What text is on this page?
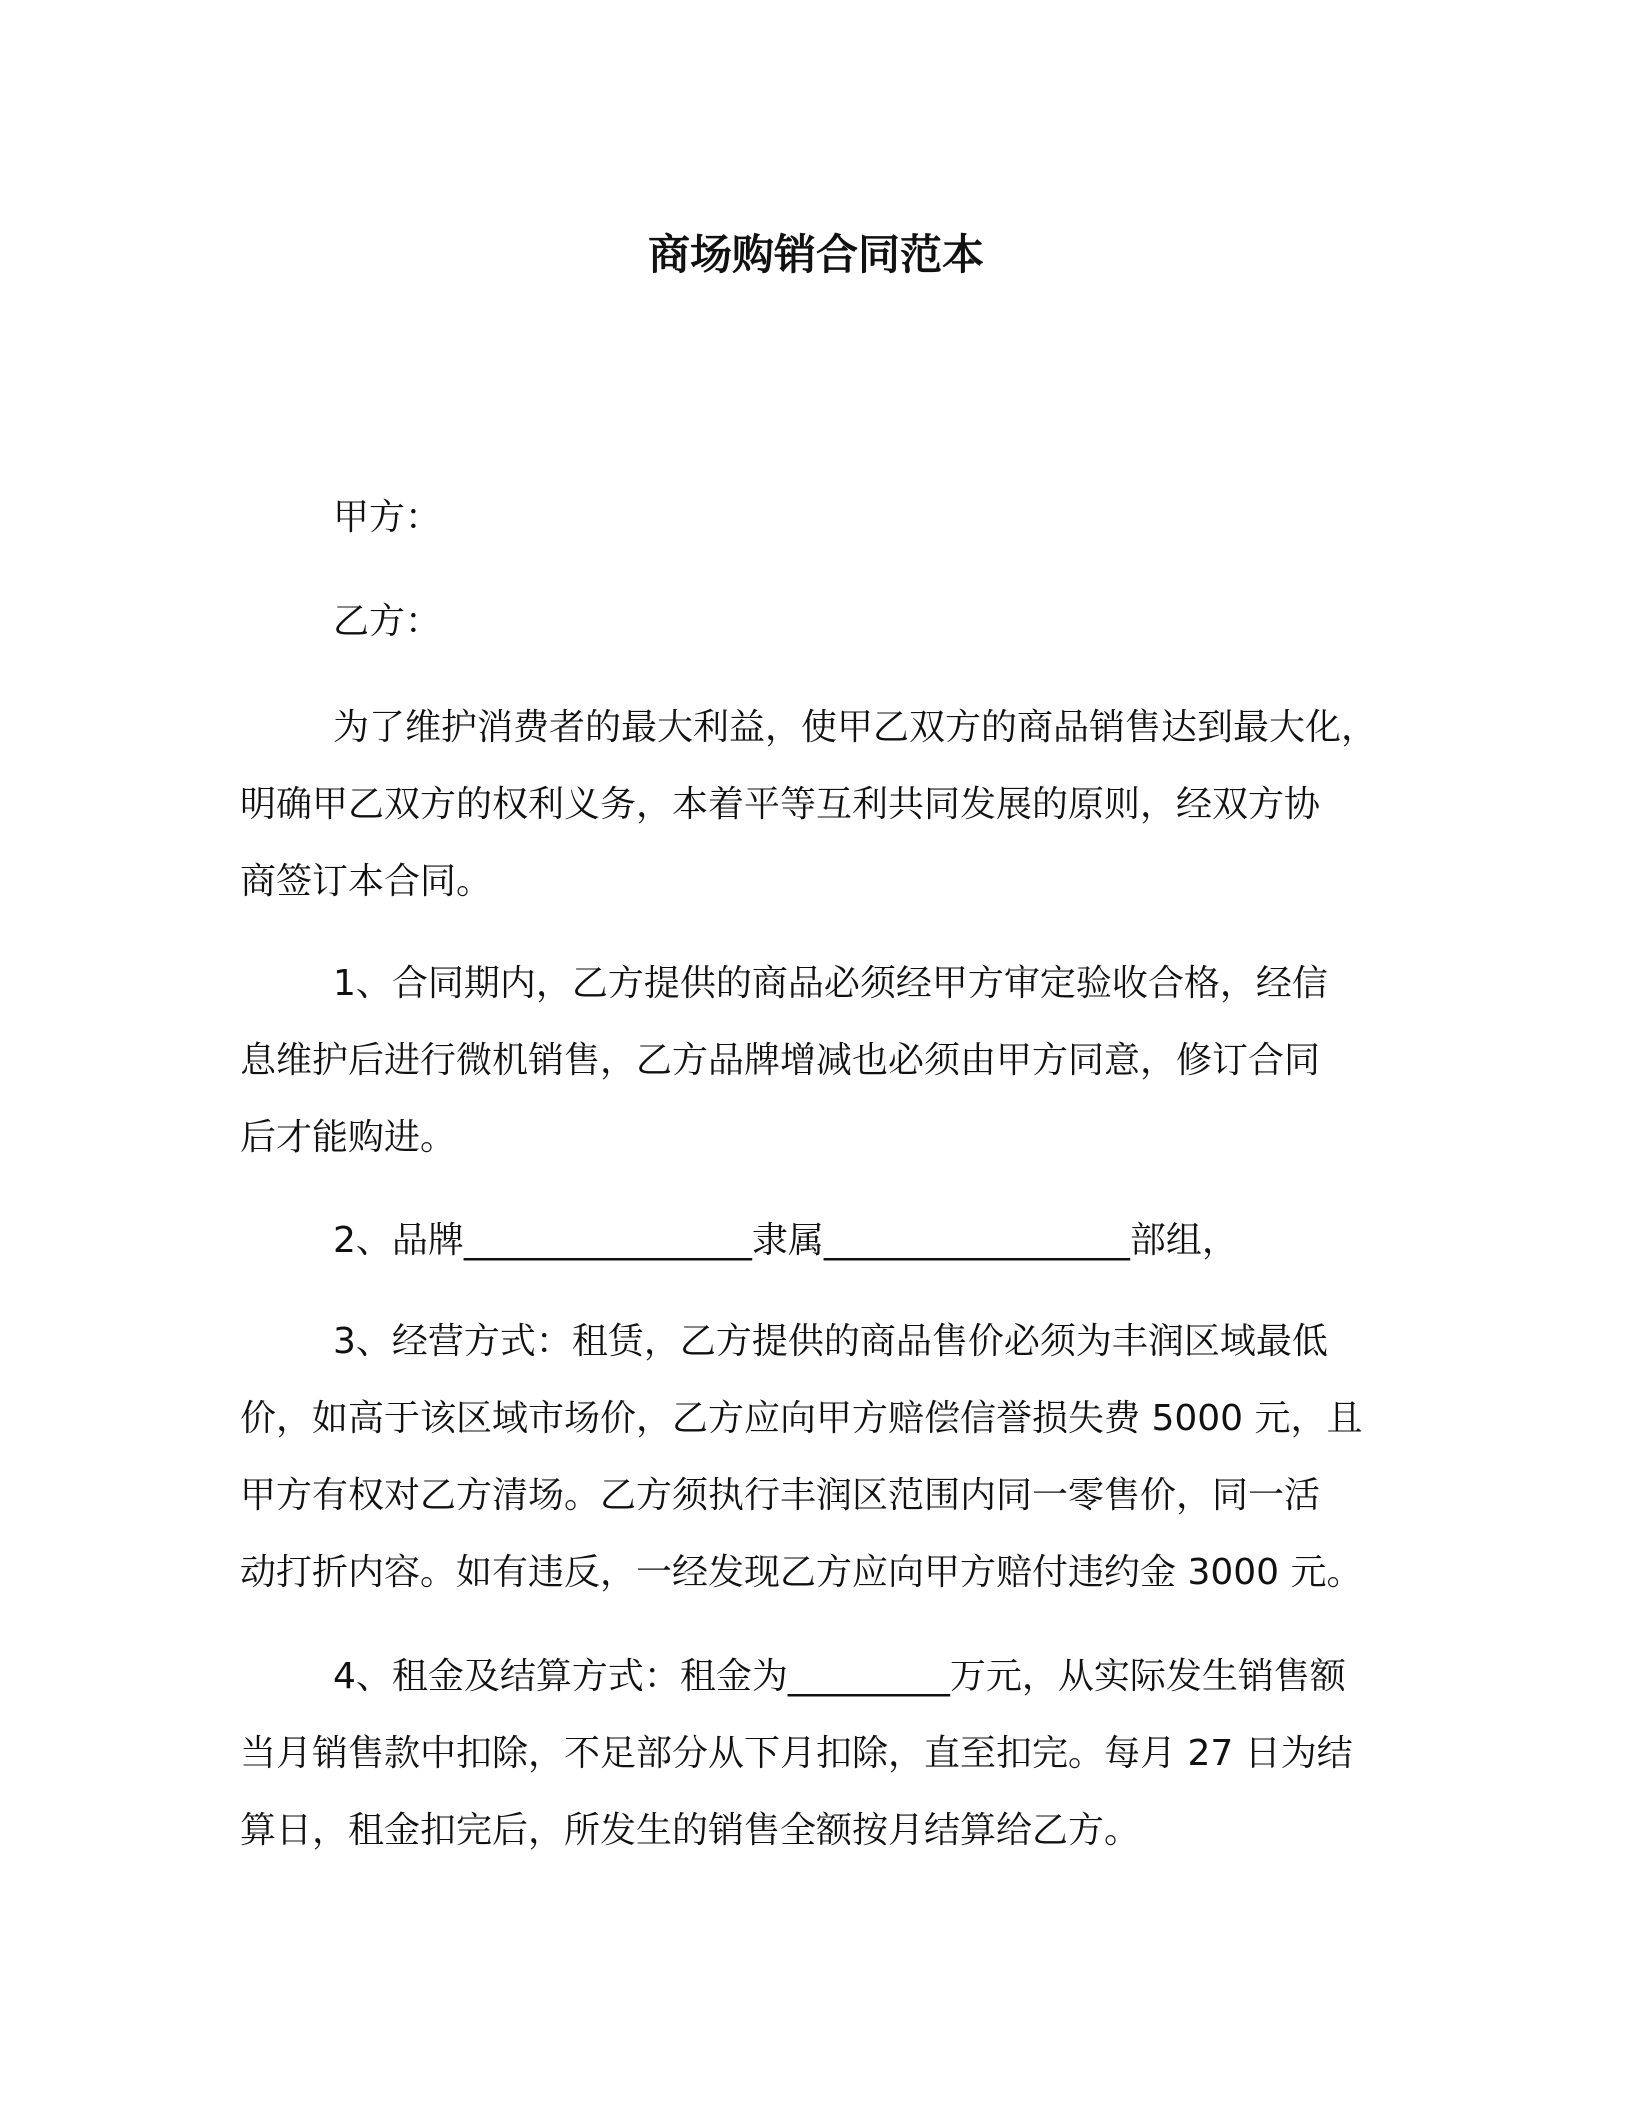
商场购销合同范本
甲方：
乙方：
为了维护消费者的最大利益，使甲乙双方的商品销售达到最大化，
明确甲乙双方的权利义务，本着平等互利共同发展的原则，经双方协
商签订本合同。
1、合同期内，乙方提供的商品必须经甲方审定验收合格，经信
息维护后进行微机销售，乙方品牌增减也必须由甲方同意，修订合同
后才能购进。
2、品牌________________隶属_________________部组，
3、经营方式：租赁，乙方提供的商品售价必须为丰润区域最低
价，如高于该区域市场价，乙方应向甲方赔偿信誉损失费 5000 元，且
甲方有权对乙方清场。乙方须执行丰润区范围内同一零售价，同一活
动打折内容。如有违反，一经发现乙方应向甲方赔付违约金 3000 元。
4、租金及结算方式：租金为_________万元，从实际发生销售额
当月销售款中扣除，不足部分从下月扣除，直至扣完。每月 27 日为结
算日，租金扣完后，所发生的销售全额按月结算给乙方。
